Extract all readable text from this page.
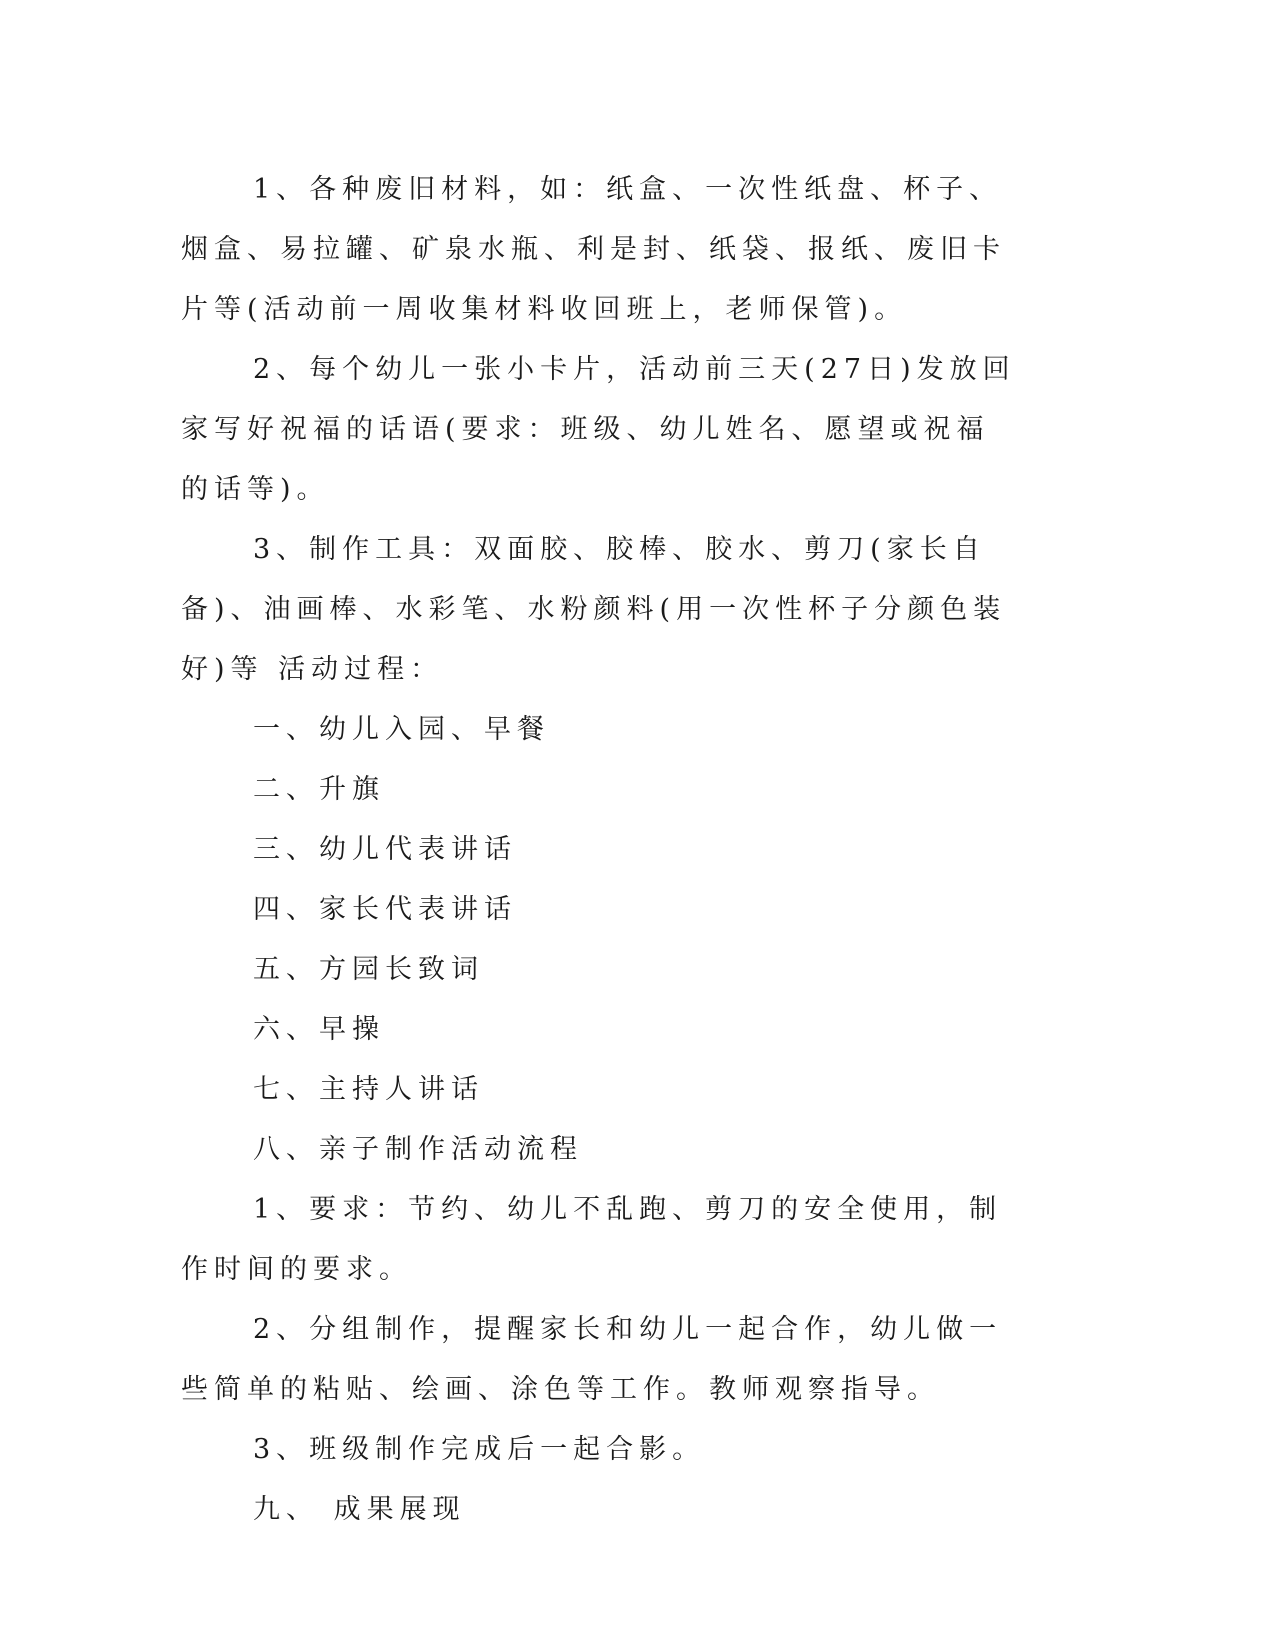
1、各种废旧材料，如：纸盒、一次性纸盘、杯子、烟盒、易拉罐、矿泉水瓶、利是封、纸袋、报纸、废旧卡片等(活动前一周收集材料收回班上，老师保管)。

2、每个幼儿一张小卡片，活动前三天(27日)发放回家写好祝福的话语(要求：班级、幼儿姓名、愿望或祝福的话等)。

3、制作工具：双面胶、胶棒、胶水、剪刀(家长自备)、油画棒、水彩笔、水粉颜料(用一次性杯子分颜色装好)等 活动过程：

一、幼儿入园、早餐

二、升旗

三、幼儿代表讲话

四、家长代表讲话

五、方园长致词

六、早操

七、主持人讲话

八、亲子制作活动流程

1、要求：节约、幼儿不乱跑、剪刀的安全使用，制作时间的要求。

2、分组制作，提醒家长和幼儿一起合作，幼儿做一些简单的粘贴、绘画、涂色等工作。教师观察指导。

3、班级制作完成后一起合影。

九、 成果展现
